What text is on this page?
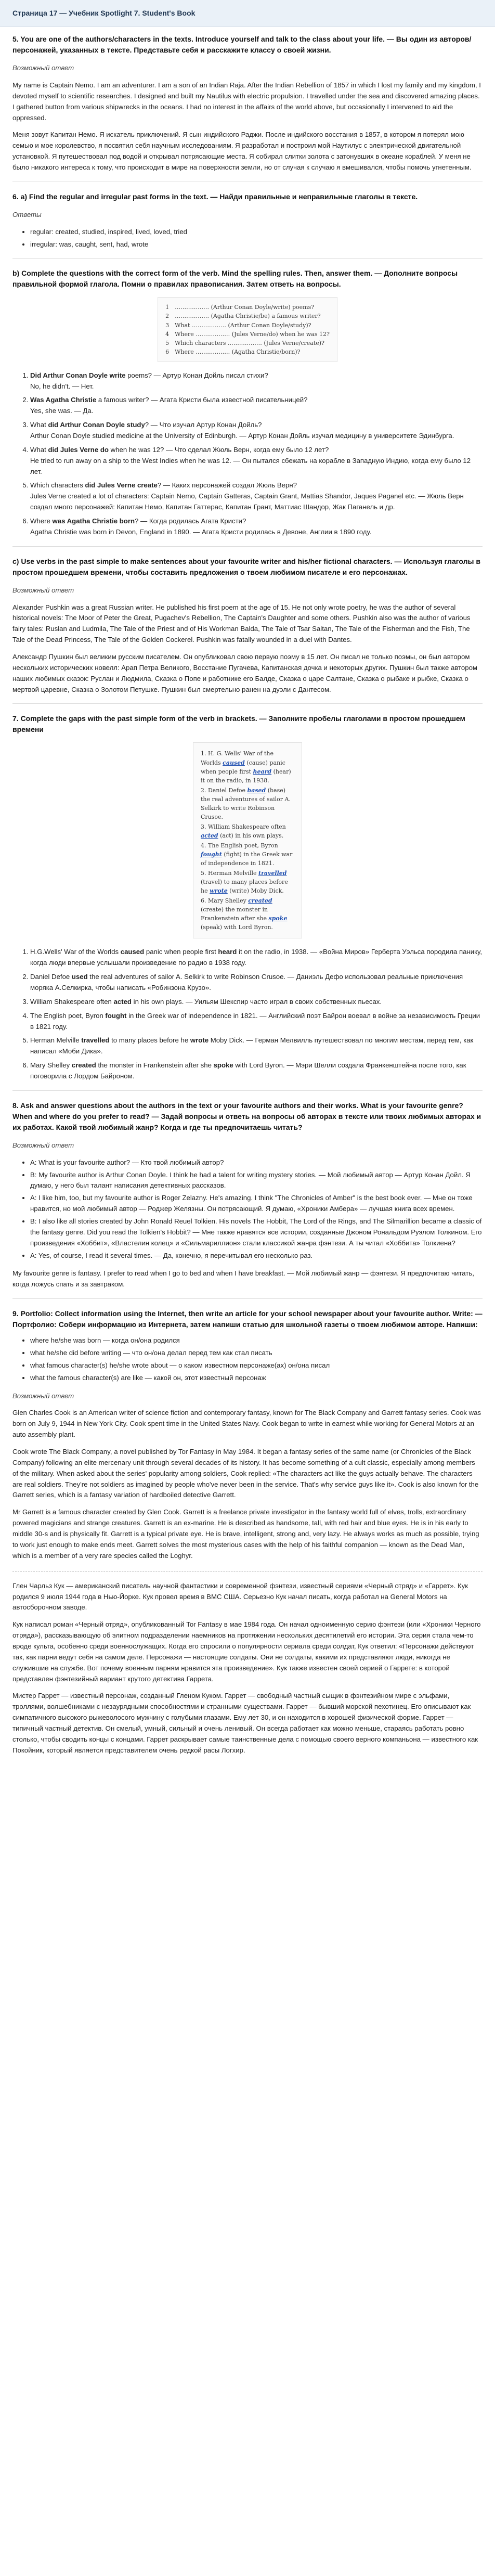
Страница 17 — Учебник Spotlight 7. Student's Book

5. You are one of the authors/characters in the texts. Introduce yourself and talk to the class about your life. — Вы один из авторов/персонажей, указанных в тексте. Представьте себя и расскажите классу о своей жизни.

Возможный ответ

My name is Captain Nemo. I am an adventurer. I am a son of an Indian Raja. After the Indian Rebellion of 1857 in which I lost my family and my kingdom, I devoted myself to scientific researches. I designed and built my Nautilus with electric propulsion. I travelled under the sea and discovered amazing places. I gathered button from various shipwrecks in the oceans. I had no interest in the affairs of the world above, but occasionally I intervened to aid the oppressed.

Меня зовут Капитан Немо. Я искатель приключений. Я сын индийского Раджи. После индийского восстания в 1857, в котором я потерял мою семью и мое королевство, я посвятил себя научным исследованиям. Я разработал и построил мой Наутилус с электрической двигательной установкой. Я путешествовал под водой и открывал потрясающие места. Я собирал слитки золота с затонувших в океане кораблей. У меня не было никакого интереса к тому, что происходит в мире на поверхности земли, но от случая к случаю я вмешивался, чтобы помочь угнетенным.

6. a) Find the regular and irregular past forms in the text. — Найди правильные и неправильные глаголы в тексте.

Ответы

• regular: created, studied, inspired, lived, loved, tried
• irregular: was, caught, sent, had, wrote

b) Complete the questions with the correct form of the verb. Mind the spelling rules. Then, answer them. — Дополните вопросы правильной формой глагола. Помни о правилах правописания. Затем ответь на вопросы.

1 ……………… (Arthur Conan Doyle/write) poems?
2 ……………… (Agatha Christie/be) a famous writer?
3 What ……………… (Arthur Conan Doyle/study)?
4 Where ……………… (Jules Verne/do) when he was 12?
5 Which characters ……………… (Jules Verne/create)?
6 Where ……………… (Agatha Christie/born)?
1. Did Arthur Conan Doyle write poems? — Артур Конан Дойль писал стихи?
No, he didn't. — Нет.
2. Was Agatha Christie a famous writer? — Агата Кристи была известной писательницей?
Yes, she was. — Да.
3. What did Arthur Conan Doyle study? — Что изучал Артур Конан Дойль?
Arthur Conan Doyle studied medicine at the University of Edinburgh. — Артур Конан Дойль изучал медицину в университете Эдинбурга.
4. What did Jules Verne do when he was 12? — Что сделал Жюль Верн, когда ему было 12 лет?
He tried to run away on a ship to the West Indies when he was 12. — Он пытался сбежать на корабле в Западную Индию, когда ему было 12 лет.
5. Which characters did Jules Verne create? — Каких персонажей создал Жюль Верн?
Jules Verne created a lot of characters: Captain Nemo, Captain Gatteras, Captain Grant, Mattias Shandor, Jaques Paganel etc. — Жюль Верн создал много персонажей: Капитан Немо, Капитан Гаттерас, Капитан Грант, Маттиас Шандор, Жак Паганель и др.
6. Where was Agatha Christie born? — Когда родилась Агата Кристи?
Agatha Christie was born in Devon, England in 1890. — Агата Кристи родилась в Девоне, Англии в 1890 году.

c) Use verbs in the past simple to make sentences about your favourite writer and his/her fictional characters. — Используя глаголы в простом прошедшем времени, чтобы составить предложения о твоем любимом писателе и его персонажах.

Возможный ответ

Alexander Pushkin was a great Russian writer. He published his first poem at the age of 15. He not only wrote poetry, he was the author of several historical novels: The Moor of Peter the Great, Pugachev's Rebellion, The Captain's Daughter and some others. Pushkin also was the author of various fairy tales: Ruslan and Ludmila, The Tale of the Priest and of His Workman Balda, The Tale of Tsar Saltan, The Tale of the Fisherman and the Fish, The Tale of the Dead Princess, The Tale of the Golden Cockerel. Pushkin was fatally wounded in a duel with Dantes.

Александр Пушкин был великим русским писателем. Он опубликовал свою первую поэму в 15 лет. Он писал не только поэмы, он был автором нескольких исторических новелл: Арап Петра Великого, Восстание Пугачева, Капитанская дочка и некоторых других. Пушкин был также автором наших любимых сказок: Руслан и Людмила, Сказка о Попе и работнике его Балде, Сказка о царе Салтане, Сказка о рыбаке и рыбке, Сказка о мертвой царевне, Сказка о Золотом Петушке. Пушкин был смертельно ранен на дуэли с Дантесом.

7. Complete the gaps with the past simple form of the verb in brackets. — Заполните пробелы глаголами в простом прошедшем времени

1. H. G. Wells' War of the Worlds caused (cause) panic when people first heard (hear) it on the radio, in 1938.
2. Daniel Defoe based (base) the real adventures of sailor A. Selkirk to write Robinson Crusoe.
3. William Shakespeare often acted (act) in his own plays.
4. The English poet, Byron fought (fight) in the Greek war of independence in 1821.
5. Herman Melville travelled (travel) to many places before he wrote (write) Moby Dick.
6. Mary Shelley created (create) the monster in Frankenstein after she spoke (speak) with Lord Byron.
1. H.G.Wells' War of the Worlds caused panic when people first heard it on the radio, in 1938. — «Война Миров» Герберта Уэльса породила панику, когда люди впервые услышали произведение по радио в 1938 году.
2. Daniel Defoe used the real adventures of sailor A. Selkirk to write Robinson Crusoe. — Даниэль Дефо использовал реальные приключения моряка А.Селкирка, чтобы написать «Робинзона Крузо».
3. William Shakespeare often acted in his own plays. — Уильям Шекспир часто играл в своих собственных пьесах.
4. The English poet, Byron fought in the Greek war of independence in 1821. — Английский поэт Байрон воевал в войне за независимость Греции в 1821 году.
5. Herman Melville travelled to many places before he wrote Moby Dick. — Герман Мелвилль путешествовал по многим местам, перед тем, как написал «Моби Дика».
6. Mary Shelley created the monster in Frankenstein after she spoke with Lord Byron. — Мэри Шелли создала Франкенштейна после того, как поговорила с Лордом Байроном.

8. Ask and answer questions about the authors in the text or your favourite authors and their works. What is your favourite genre? When and where do you prefer to read? — Задай вопросы и ответь на вопросы об авторах в тексте или твоих любимых авторах и их работах. Какой твой любимый жанр? Когда и где ты предпочитаешь читать?

Возможный ответ

• A: What is your favourite author? — Кто твой любимый автор?
• B: My favourite author is Arthur Conan Doyle. I think he had a talent for writing mystery stories. — Мой любимый автор — Артур Конан Дойл. Я думаю, у него был талант написания детективных рассказов.
• A: I like him, too, but my favourite author is Roger Zelazny. He's amazing. I think "The Chronicles of Amber" is the best book ever. — Мне он тоже нравится, но мой любимый автор — Роджер Желязны. Он потрясающий. Я думаю, «Хроники Амбера» — лучшая книга всех времен.
• B: I also like all stories created by John Ronald Reuel Tolkien. His novels The Hobbit, The Lord of the Rings, and The Silmarillion became a classic of the fantasy genre. Did you read the Tolkien's Hobbit? — Мне также нравятся все истории, созданные Джоном Рональдом Руэлом Толкином. Его произведения «Хоббит», «Властелин колец» и «Сильмариллион» стали классикой жанра фэнтези. А ты читал «Хоббита» Толкиена?
• A: Yes, of course, I read it several times. — Да, конечно, я перечитывал его несколько раз.

My favourite genre is fantasy. I prefer to read when I go to bed and when I have breakfast. — Мой любимый жанр — фэнтези. Я предпочитаю читать, когда ложусь спать и за завтраком.

9. Portfolio: Collect information using the Internet, then write an article for your school newspaper about your favourite author. Write: — Портфолио: Собери информацию из Интернета, затем напиши статью для школьной газеты о твоем любимом авторе. Напиши:

• where he/she was born — когда он/она родился
• what he/she did before writing — что он/она делал перед тем как стал писать
• what famous character(s) he/she wrote about — о каком известном персонаже(ах) он/она писал
• what the famous character(s) are like — какой он, этот известный персонаж

Возможный ответ

Glen Charles Cook is an American writer of science fiction and contemporary fantasy, known for The Black Company and Garrett fantasy series. Cook was born on July 9, 1944 in New York City. Cook spent time in the United States Navy. Cook began to write in earnest while working for General Motors at an auto assembly plant.

Cook wrote The Black Company, a novel published by Tor Fantasy in May 1984. It began a fantasy series of the same name (or Chronicles of the Black Company) following an elite mercenary unit through several decades of its history. It has become something of a cult classic, especially among members of the military. When asked about the series' popularity among soldiers, Cook replied: «The characters act like the guys actually behave. The characters are real soldiers. They're not soldiers as imagined by people who've never been in the service. That's why service guys like it». Cook is also known for the Garrett series, which is a fantasy variation of hardboiled detective Garrett.

Mr Garrett is a famous character created by Glen Cook. Garrett is a freelance private investigator in the fantasy world full of elves, trolls, extraordinary powered magicians and strange creatures. Garrett is an ex-marine. He is described as handsome, tall, with red hair and blue eyes. He is in his early to middle 30-s and is physically fit. Garrett is a typical private eye. He is brave, intelligent, strong and, very lazy. He always works as much as possible, trying to work just enough to make ends meet. Garrett solves the most mysterious cases with the help of his faithful companion — known as the Dead Man, which is a member of a very rare species called the Loghyr.

Глен Чарльз Кук — американский писатель научной фантастики и современной фэнтези, известный сериями «Черный отряд» и «Гаррет». Кук родился 9 июля 1944 года в Нью-Йорке. Кук провел время в ВМС США. Серьезно Кук начал писать, когда работал на General Motors на автосборочном заводе.

Кук написал роман «Черный отряд», опубликованный Tor Fantasy в мае 1984 года. Он начал одноименную серию фэнтези (или «Хроники Черного отряда»), рассказывающую об элитном подразделении наемников на протяжении нескольких десятилетий его истории. Эта серия стала чем-то вроде культа, особенно среди военнослужащих. Когда его спросили о популярности сериала среди солдат, Кук ответил: «Персонажи действуют так, как парни ведут себя на самом деле. Персонажи — настоящие солдаты. Они не солдаты, какими их представляют люди, никогда не служившие на службе. Вот почему военным парням нравится эта произведение». Кук также известен своей серией о Гаррете: в которой представлен фэнтезийный вариант крутого детектива Гаррета.

Мистер Гаррет — известный персонаж, созданный Гленом Куком. Гаррет — свободный частный сыщик в фэнтезийном мире с эльфами, троллями, волшебниками с незаурядными способностями и странными существами. Гаррет — бывший морской пехотинец. Его описывают как симпатичного высокого рыжеволосого мужчину с голубыми глазами. Ему лет 30, и он находится в хорошей физической форме. Гаррет — типичный частный детектив. Он смелый, умный, сильный и очень ленивый. Он всегда работает как можно меньше, стараясь работать ровно столько, чтобы сводить концы с концами. Гаррет раскрывает самые таинственные дела с помощью своего верного компаньона — известного как Покойник, который является представителем очень редкой расы Логхир.
